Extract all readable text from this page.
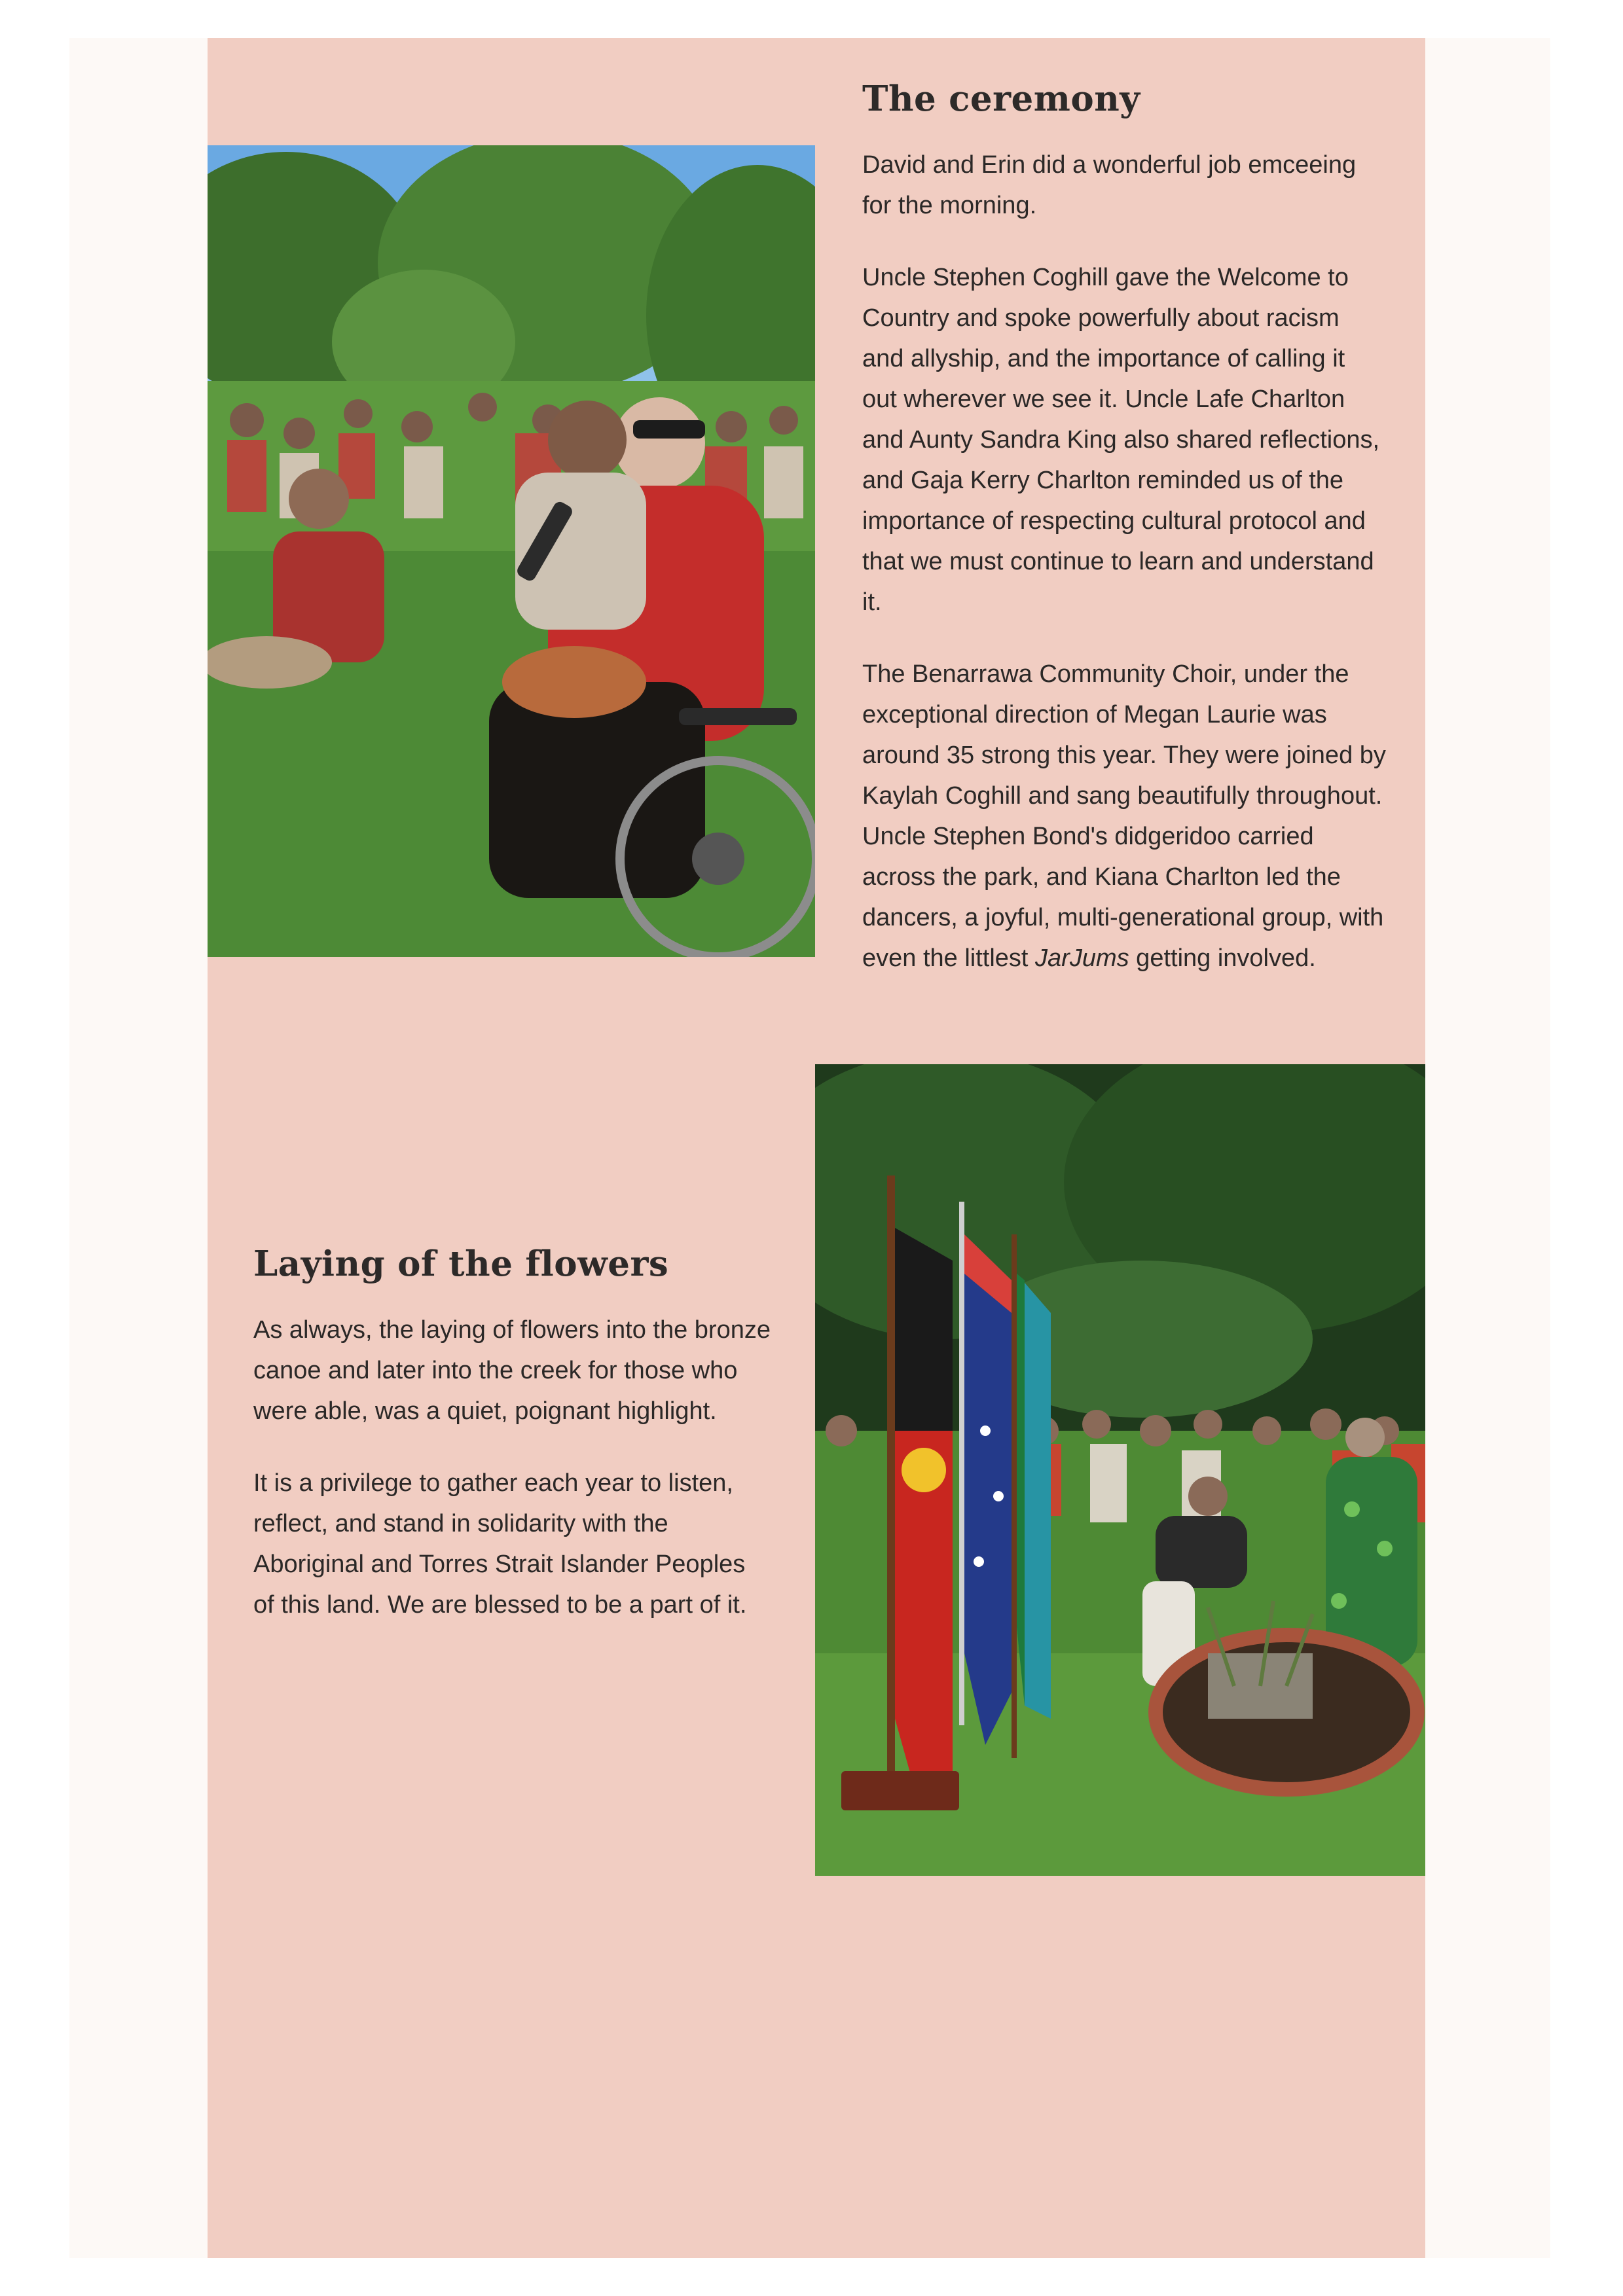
The ceremony

David and Erin did a wonderful job emceeing for the morning.

Uncle Stephen Coghill gave the Welcome to Country and spoke powerfully about racism and allyship, and the importance of calling it out wherever we see it. Uncle Lafe Charlton and Aunty Sandra King also shared reflections, and Gaja Kerry Charlton reminded us of the importance of respecting cultural protocol and that we must continue to learn and understand it.

The Benarrawa Community Choir, under the exceptional direction of Megan Laurie was around 35 strong this year. They were joined by Kaylah Coghill and sang beautifully throughout. Uncle Stephen Bond's didgeridoo carried across the park, and Kiana Charlton led the dancers, a joyful, multi-generational group, with even the littlest JarJums getting involved.

Laying of the flowers

As always, the laying of flowers into the bronze canoe and later into the creek for those who were able, was a quiet, poignant highlight.

It is a privilege to gather each year to listen, reflect, and stand in solidarity with the Aboriginal and Torres Strait Islander Peoples of this land. We are blessed to be a part of it.
